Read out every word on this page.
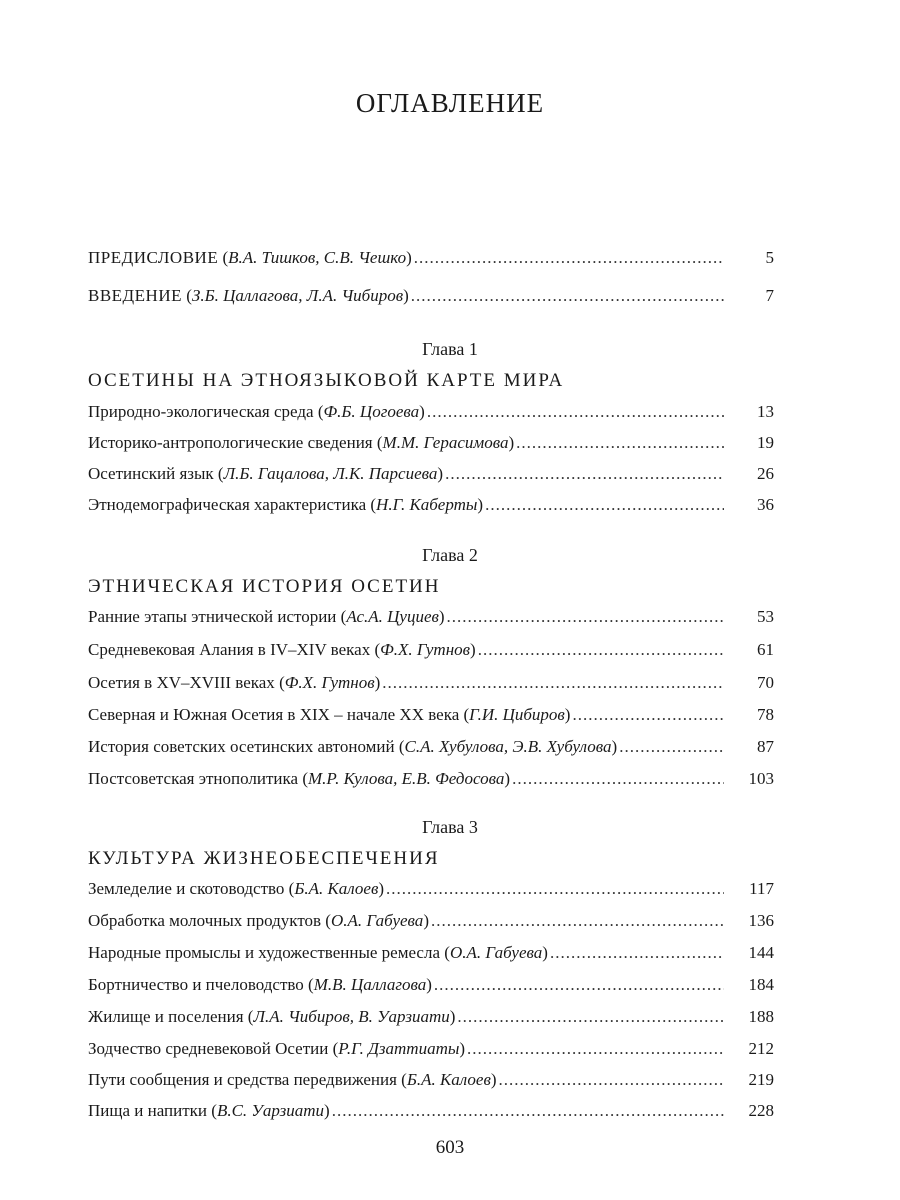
ОГЛАВЛЕНИЕ
ПРЕДИСЛОВИЕ (В.А. Тишков, С.В. Чешко) .....	5
ВВЕДЕНИЕ (З.Б. Цаллагова, Л.А. Чибиров) .....	7
Глава 1
ОСЕТИНЫ НА ЭТНОЯЗЫКОВОЙ КАРТЕ МИРА
Природно-экологическая среда (Ф.Б. Цогоева) .....	13
Историко-антропологические сведения (М.М. Герасимова) .....	19
Осетинский язык (Л.Б. Гацалова, Л.К. Парсиева) .....	26
Этнодемографическая характеристика (Н.Г. Каберты) .....	36
Глава 2
ЭТНИЧЕСКАЯ ИСТОРИЯ ОСЕТИН
Ранние этапы этнической истории (Ас.А. Цуциев) .....	53
Средневековая Алания в IV–XIV веках (Ф.Х. Гутнов) .....	61
Осетия в XV–XVIII веках (Ф.Х. Гутнов) .....	70
Северная и Южная Осетия в XIX – начале XX века (Г.И. Цибиров) .....	78
История советских осетинских автономий (С.А. Хубулова, Э.В. Хубулова) .....	87
Постсоветская этнополитика (М.Р. Кулова, Е.В. Федосова) .....	103
Глава 3
КУЛЬТУРА ЖИЗНЕОБЕСПЕЧЕНИЯ
Земледелие и скотоводство (Б.А. Калоев) .....	117
Обработка молочных продуктов (О.А. Габуева) .....	136
Народные промыслы и художественные ремесла (О.А. Габуева) .....	144
Бортничество и пчеловодство (М.В. Цаллагова) .....	184
Жилище и поселения (Л.А. Чибиров, В. Уарзиати) .....	188
Зодчество средневековой Осетии (Р.Г. Дзаттиаты) .....	212
Пути сообщения и средства передвижения (Б.А. Калоев) .....	219
Пища и напитки (В.С. Уарзиати) .....	228
603
